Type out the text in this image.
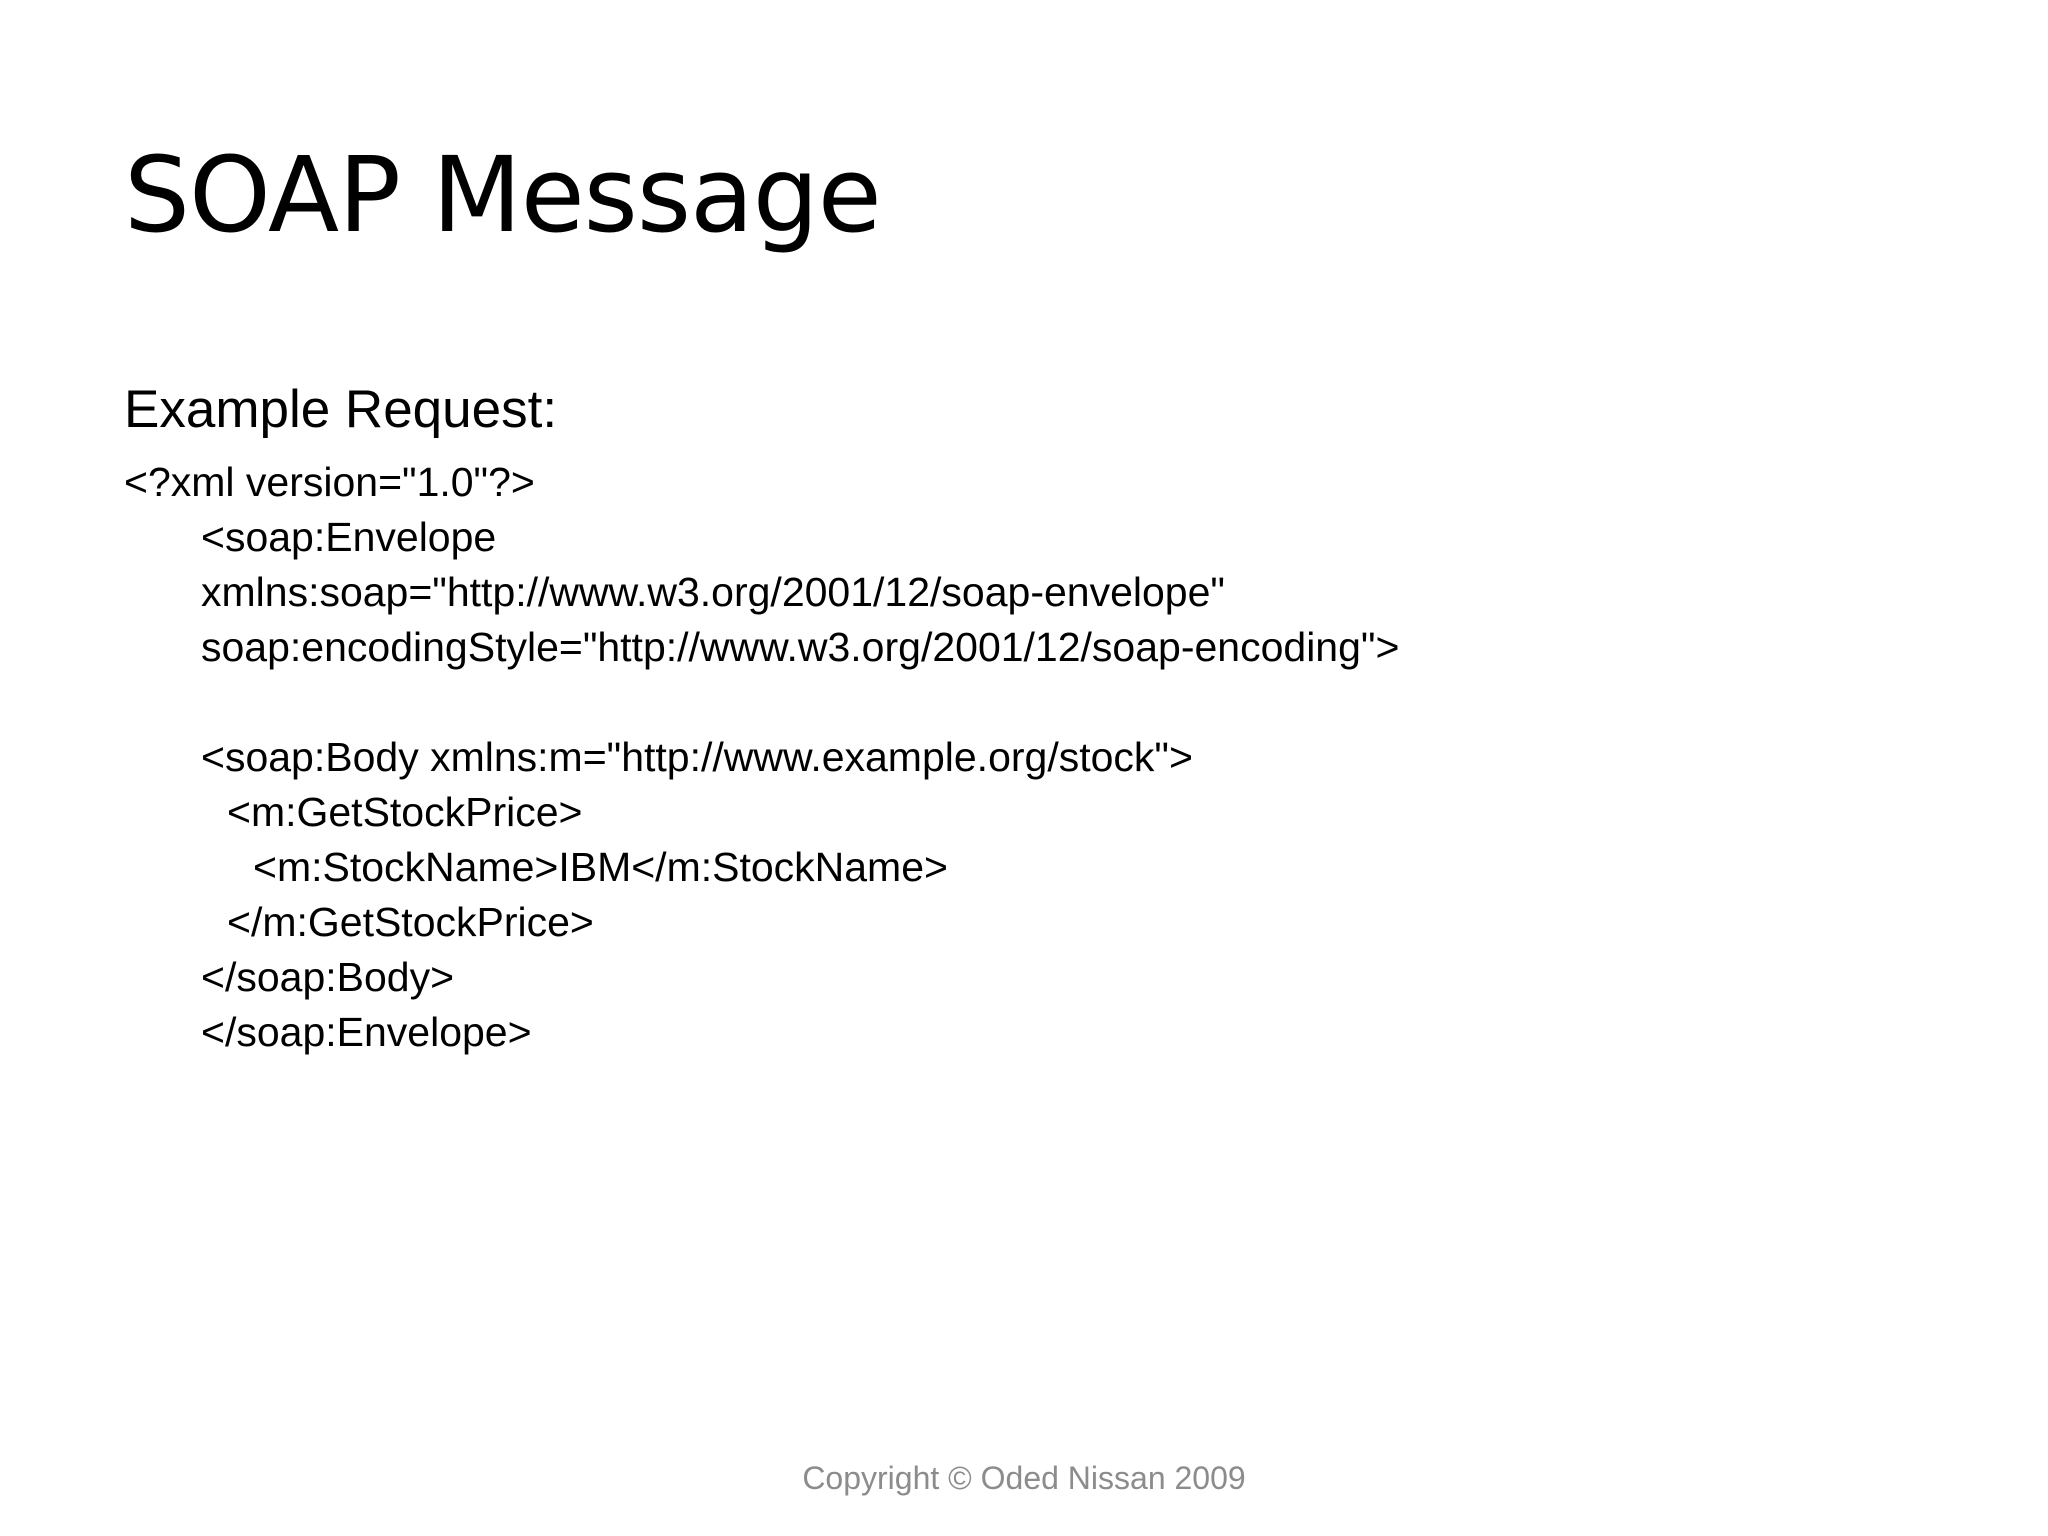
SOAP Message
Example Request:
<?xml version="1.0"?>
<soap:Envelope
xmlns:soap="http://www.w3.org/2001/12/soap-envelope"
soap:encodingStyle="http://www.w3.org/2001/12/soap-encoding">
<soap:Body xmlns:m="http://www.example.org/stock">
<m:GetStockPrice>
<m:StockName>IBM</m:StockName>
</m:GetStockPrice>
</soap:Body>
</soap:Envelope>
Copyright © Oded Nissan 2009
